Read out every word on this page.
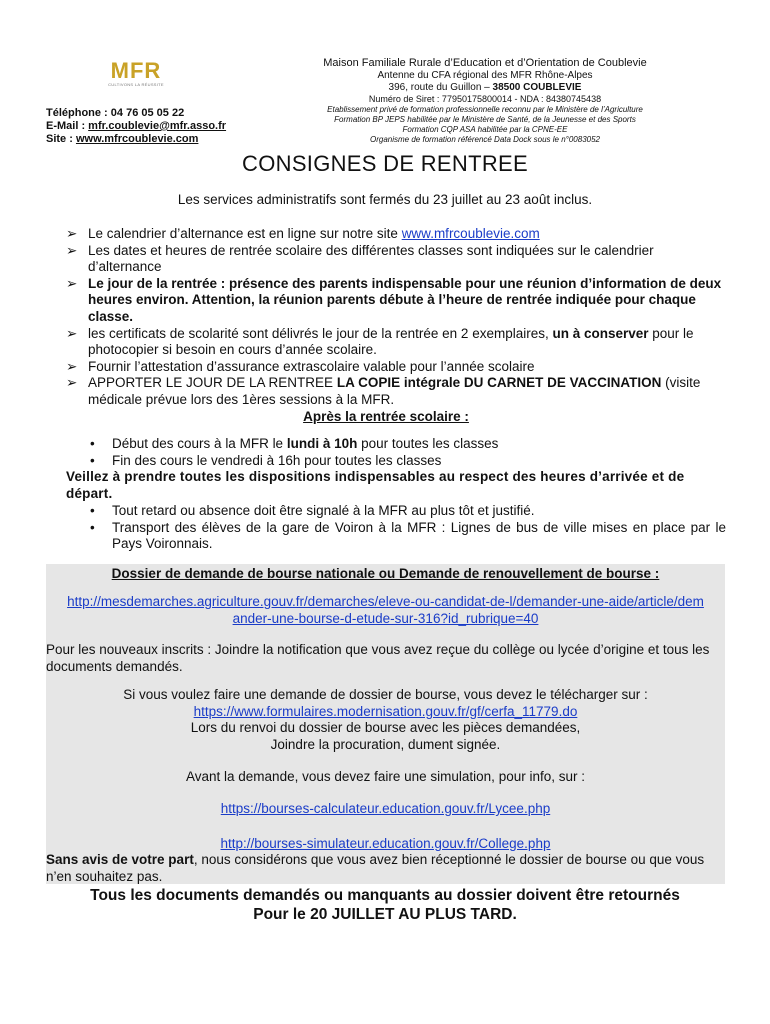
MFR
CULTIVONS LA RÉUSSITE
Téléphone : 04 76 05 05 22
E-Mail : mfr.coublevie@mfr.asso.fr
Site : www.mfrcoublevie.com
Maison Familiale Rurale d’Education et d’Orientation de Coublevie
Antenne du CFA régional des MFR Rhône-Alpes
396, route du Guillon – 38500 COUBLEVIE
Numéro de Siret : 77950175800014 - NDA : 84380745438
Etablissement privé de formation professionnelle reconnu par le Ministère de l’Agriculture
Formation BP JEPS habilitée par le Ministère de Santé, de la Jeunesse et des Sports
Formation CQP ASA habilitée par la CPNE-EE
Organisme de formation référencé Data Dock sous le n°0083052
CONSIGNES DE RENTREE
Les services administratifs sont fermés du 23 juillet au 23 août inclus.
➢ Le calendrier d’alternance est en ligne sur notre site www.mfrcoublevie.com
➢ Les dates et heures de rentrée scolaire des différentes classes sont indiquées sur le calendrier d’alternance
➢ Le jour de la rentrée : présence des parents indispensable pour une réunion d’information de deux heures environ. Attention, la réunion parents débute à l’heure de rentrée indiquée pour chaque classe.
➢ les certificats de scolarité sont délivrés le jour de la rentrée en 2 exemplaires, un à conserver pour le photocopier si besoin en cours d’année scolaire.
➢ Fournir l’attestation d’assurance extrascolaire valable pour l’année scolaire
➢ APPORTER LE JOUR DE LA RENTREE LA COPIE intégrale DU CARNET DE VACCINATION (visite médicale prévue lors des 1ères sessions à la MFR.
Après la rentrée scolaire :
• Début des cours à la MFR le lundi à 10h pour toutes les classes
• Fin des cours le vendredi à 16h pour toutes les classes
Veillez à prendre toutes les dispositions indispensables au respect des heures d’arrivée et de départ.
• Tout retard ou absence doit être signalé à la MFR au plus tôt et justifié.
• Transport des élèves de la gare de Voiron à la MFR : Lignes de bus de ville mises en place par le Pays Voironnais.
Dossier de demande de bourse nationale ou Demande de renouvellement de bourse :
http://mesdemarches.agriculture.gouv.fr/demarches/eleve-ou-candidat-de-l/demander-une-aide/article/demander-une-bourse-d-etude-sur-316?id_rubrique=40
Pour les nouveaux inscrits : Joindre la notification que vous avez reçue du collège ou lycée d’origine et tous les documents demandés.
Si vous voulez faire une demande de dossier de bourse, vous devez le télécharger sur :
https://www.formulaires.modernisation.gouv.fr/gf/cerfa_11779.do
Lors du renvoi du dossier de bourse avec les pièces demandées,
Joindre la procuration, dument signée.
Avant la demande, vous devez faire une simulation, pour info, sur :
https://bourses-calculateur.education.gouv.fr/Lycee.php
http://bourses-simulateur.education.gouv.fr/College.php
Sans avis de votre part, nous considérons que vous avez bien réceptionné le dossier de bourse ou que vous n’en souhaitez pas.
Tous les documents demandés ou manquants au dossier doivent être retournés
Pour le 20 JUILLET AU PLUS TARD.
